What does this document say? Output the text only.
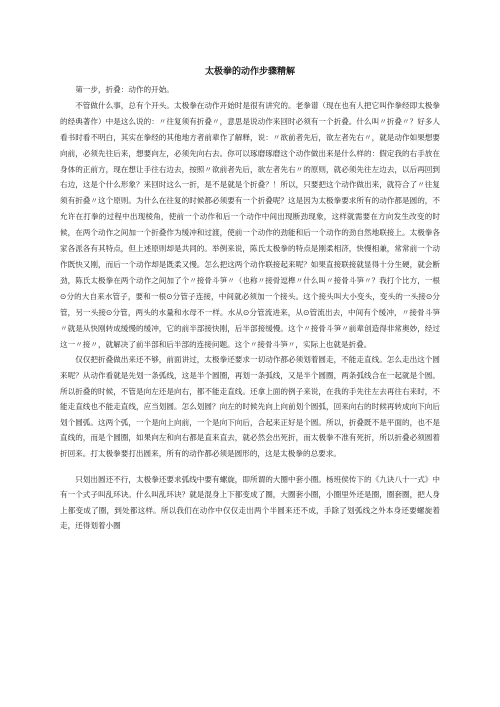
太极拳的动作步骤精解

第一步，折叠：动作的开始。

不管做什么事，总有个开头。太极拳在动作开始时是很有讲究的。老拳谱（现在也有人把它叫作拳经即太极拳的经典著作）中是这么说的：〃往复须有折叠〃，意思是说动作来回时必须有一个折叠。什么叫〃折叠〃？好多人看书时看不明白，其实在拳经的其他地方者前辈作了解释，说：〃欲前者先后，欲左者先右〃，就是动作如果想要向前，必须先往后来，想要向左，必须先向右去。你可以琢磨琢磨这个动作做出来是什么样的：假定我的右手放在身体的正前方，现在想让手往右边去，按照〃欲前者先后，欲左者先右〃的原则，就必须先往左边去，以后再回到右边，这是个什么形象？来回时这么一折，是不是就是个折叠？！所以，只要把这个动作做出来，就符合了〃往复须有折叠〃这个原则。为什么在往复的时候都必须要有一个折叠呢？这是因为太极拳要求所有的动作都是圆的，不允许在打拳的过程中出现棱角，使前一个动作和后一个动作中间出现断劲现象，这样就需要在方向发生改变的时候，在两个动作之间加一个折叠作为缓冲和过渡，使前一个动作的劲能和后一个动作的劲自然地联接上。太极拳各家各派各有其特点，但上述原则却是共同的。举例来说，陈氏太极拳的特点是刚柔相济，快慢相兼，常常前一个动作既快又刚，而后一个动作却是既柔又慢。怎么把这两个动作联接起来呢？如果直接联接就显得十分生硬，就会断劲，陈氏太极拳在两个动作之间加了个〃接骨斗笋〃（也称〃接骨逗榫〃什么叫〃接骨斗笋〃？我打个比方，一根⊙分的大自来水管子，要和一根⊙分管子连接，中间就必须加一个接头。这个接头叫大小变头，变头的一头接⊙分管，另一头接⊙分管，两头的水量和水母不一样。水从⊙分管流进来，从⊙管流出去，中间有个缓冲，〃接骨斗笋〃就是从快刚转成缓慢的缓冲，它的前半部接快刚，后半部接缓慢。这个〃接骨斗笋〃前辈创造得非常奥妙，经过这一〃接〃，就解决了前半部和后半部的连接问题。这个〃接骨斗笋〃，实际上也就是折叠。

仅仅把折叠做出来还不够，前面讲过，太极拳还要求一切动作都必须划着圆走，不能走直线。怎么走出这个圆来呢？从动作看就是先划一条弧线，这是半个圆圈，再划一条弧线，又是半个圆圈，两条弧线合在一起就是个圆。所以折叠的时候，不管是向左还是向右，都不能走直线。还拿上面的例子来说，在我的手先往左去再往右来时，不能走直线也不能走直线，应当划圆。怎么划圆？向左的时候先向上向前划个圆弧，回来向右的时候再转成向下向后划个圆弧。这两个弧，一个是向上向前，一个是向下向后，合起来正好是个圆。所以，折叠既不是平面的，也不是直线的，而是个圆圈，如果向左和向右都是直来直去，就必然会出死折，而太极拳不准有死折，所以折叠必须圆着折回来。打太极拳要打出圆来，所有的动作都必须是圆形的，这是太极拳的总要求。

只划出圆还不行，太极拳还要求弧线中要有螺旋，即所谓的大圈中套小圈。杨班侯传下的《九诀八十一式》中有一个式子叫乱环诀。什么叫乱环诀？就是混身上下都变成了圈，大圈套小圈，小圈里外还是圈，圈套圈，把人身上都变成了圈，到处都这样。所以我们在动作中仅仅走出两个半圆来还不成，手除了划弧线之外本身还要螺旋着走，还得划着小圈
